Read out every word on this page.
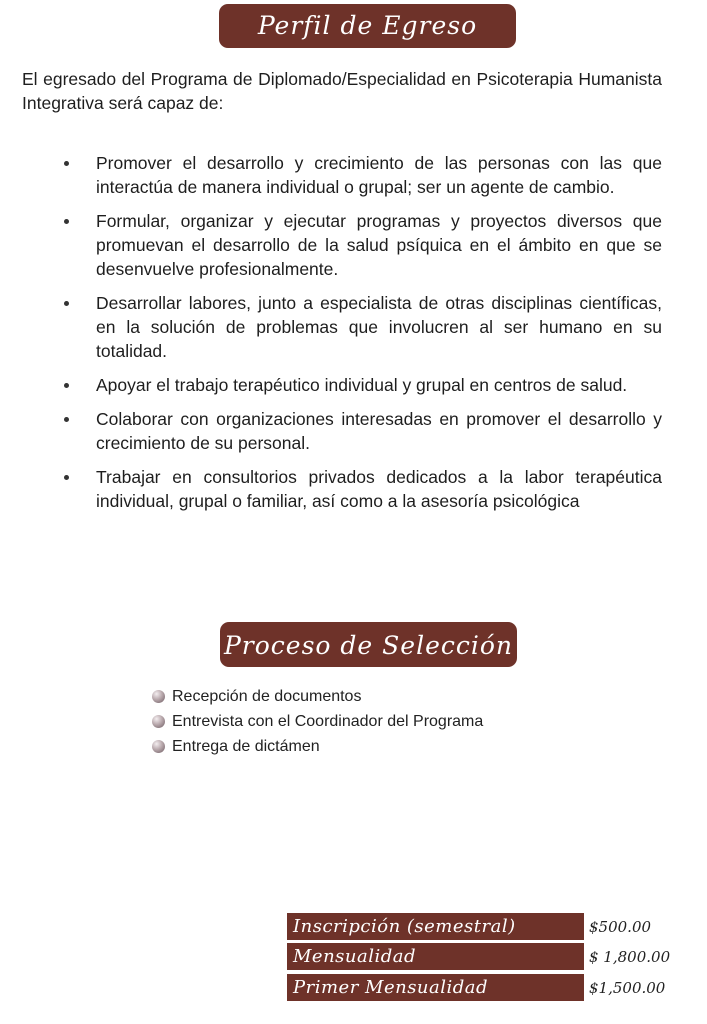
Perfil de Egreso

El egresado del Programa de Diplomado/Especialidad en Psicoterapia Humanista Integrativa será capaz de:

Promover el desarrollo y crecimiento de las personas con las que interactúa de manera individual o grupal; ser un agente de cambio.
Formular, organizar y ejecutar programas y proyectos diversos que promuevan el desarrollo de la salud psíquica en el ámbito en que se desenvuelve profesionalmente.
Desarrollar labores, junto a especialista de otras disciplinas científicas, en la solución de problemas que involucren al ser humano en su totalidad.
Apoyar el trabajo terapéutico individual y grupal en centros de salud.
Colaborar con organizaciones interesadas en promover el desarrollo y crecimiento de su personal.
Trabajar en consultorios privados dedicados a la labor terapéutica individual, grupal o familiar, así como a la asesoría psicológica
Proceso de Selección
Recepción de documentos
Entrevista con el Coordinador del Programa
Entrega de dictámen
Inscripción (semestral)	$500.00
Mensualidad	$ 1,800.00
Primer Mensualidad	$1,500.00
